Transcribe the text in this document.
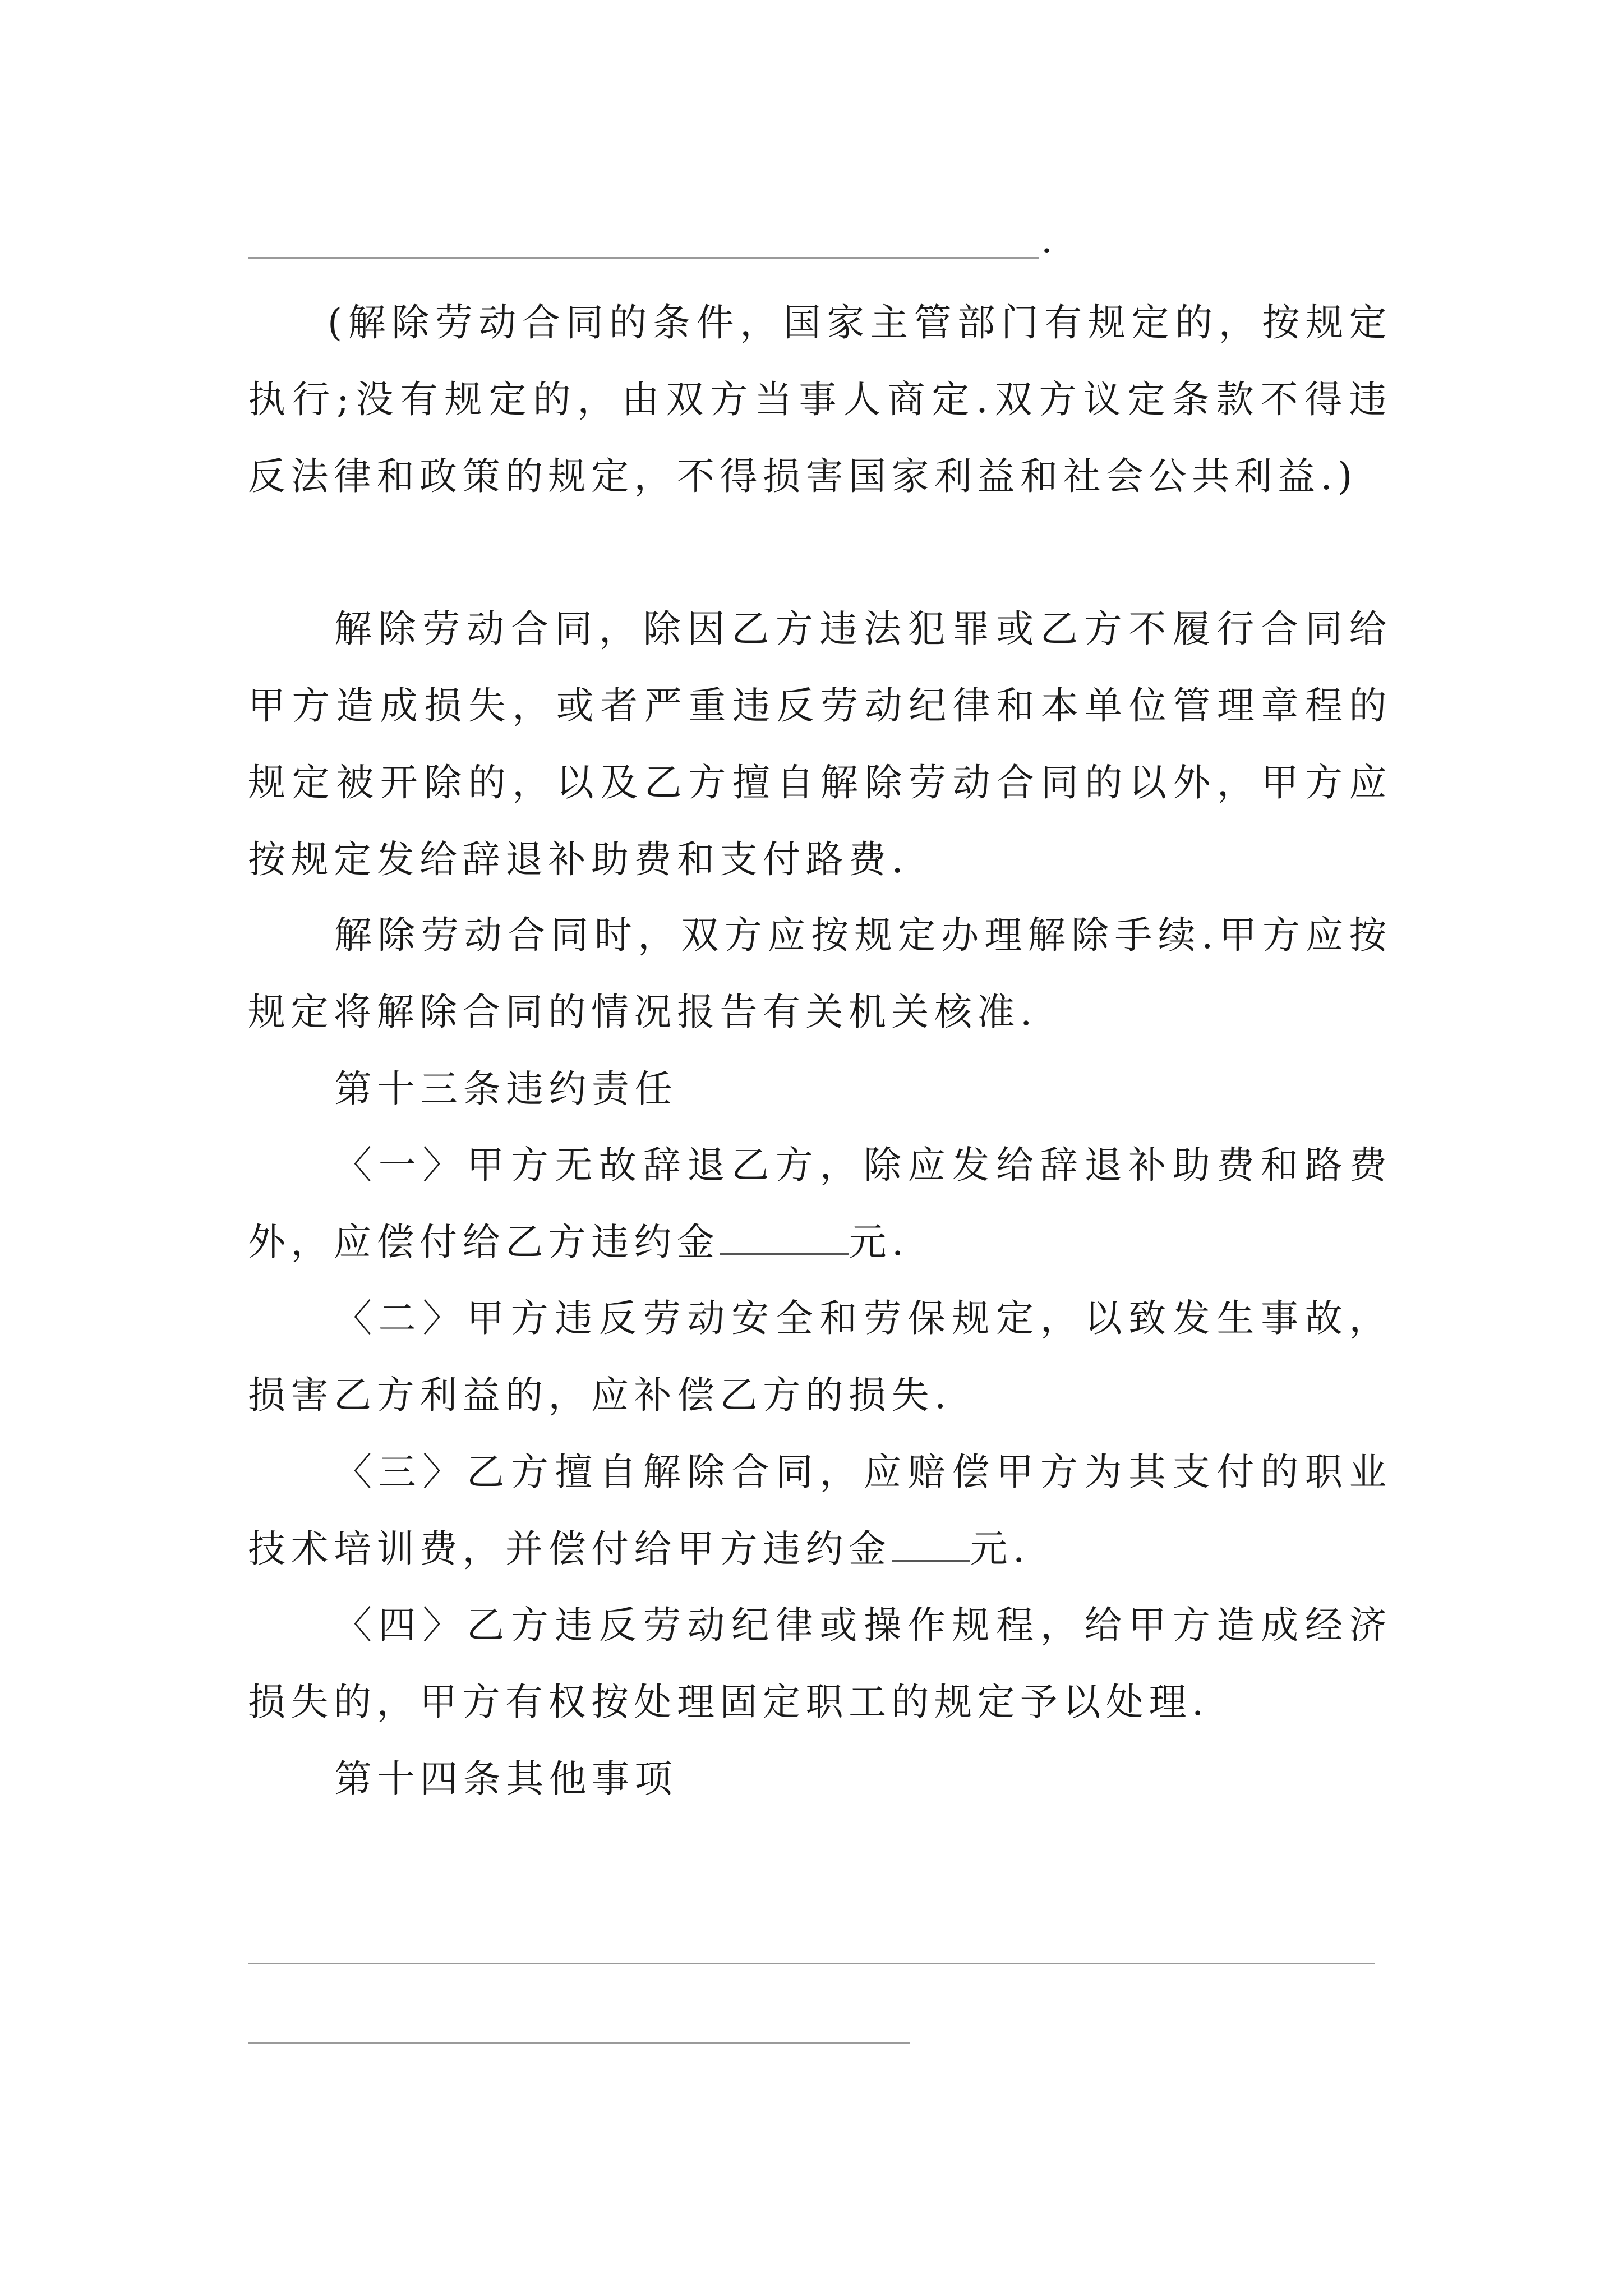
.

(解除劳动合同的条件，国家主管部门有规定的，按规定执行;没有规定的，由双方当事人商定.双方议定条款不得违反法律和政策的规定，不得损害国家利益和社会公共利益.)

解除劳动合同，除因乙方违法犯罪或乙方不履行合同给甲方造成损失，或者严重违反劳动纪律和本单位管理章程的规定被开除的，以及乙方擅自解除劳动合同的以外，甲方应按规定发给辞退补助费和支付路费.

解除劳动合同时，双方应按规定办理解除手续.甲方应按规定将解除合同的情况报告有关机关核准.

第十三条违约责任

〈一〉甲方无故辞退乙方，除应发给辞退补助费和路费外，应偿付给乙方违约金	元.

〈二〉甲方违反劳动安全和劳保规定，以致发生事故，损害乙方利益的，应补偿乙方的损失.

〈三〉乙方擅自解除合同，应赔偿甲方为其支付的职业技术培训费，并偿付给甲方违约金 元.

〈四〉乙方违反劳动纪律或操作规程，给甲方造成经济损失的，甲方有权按处理固定职工的规定予以处理.

第十四条其他事项
